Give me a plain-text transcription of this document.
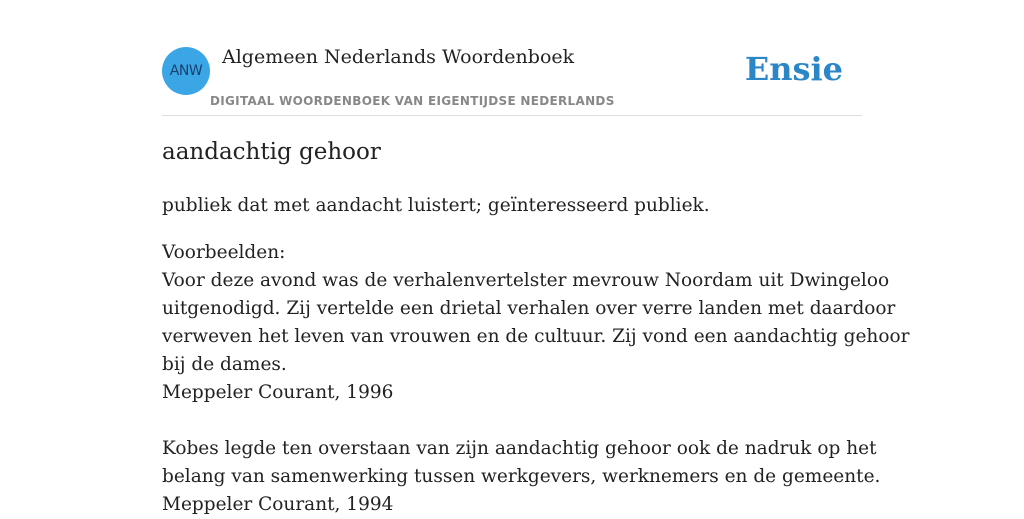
ANW
Algemeen Nederlands Woordenboek
DIGITAAL WOORDENBOEK VAN EIGENTIJDSE NEDERLANDS
Ensie
aandachtig gehoor

publiek dat met aandacht luistert; geïnteresseerd publiek.

Voorbeelden:
Voor deze avond was de verhalenvertelster mevrouw Noordam uit Dwingeloo
uitgenodigd. Zij vertelde een drietal verhalen over verre landen met daardoor
verweven het leven van vrouwen en de cultuur. Zij vond een aandachtig gehoor
bij de dames.
Meppeler Courant, 1996
Kobes legde ten overstaan van zijn aandachtig gehoor ook de nadruk op het
belang van samenwerking tussen werkgevers, werknemers en de gemeente.
Meppeler Courant, 1994
